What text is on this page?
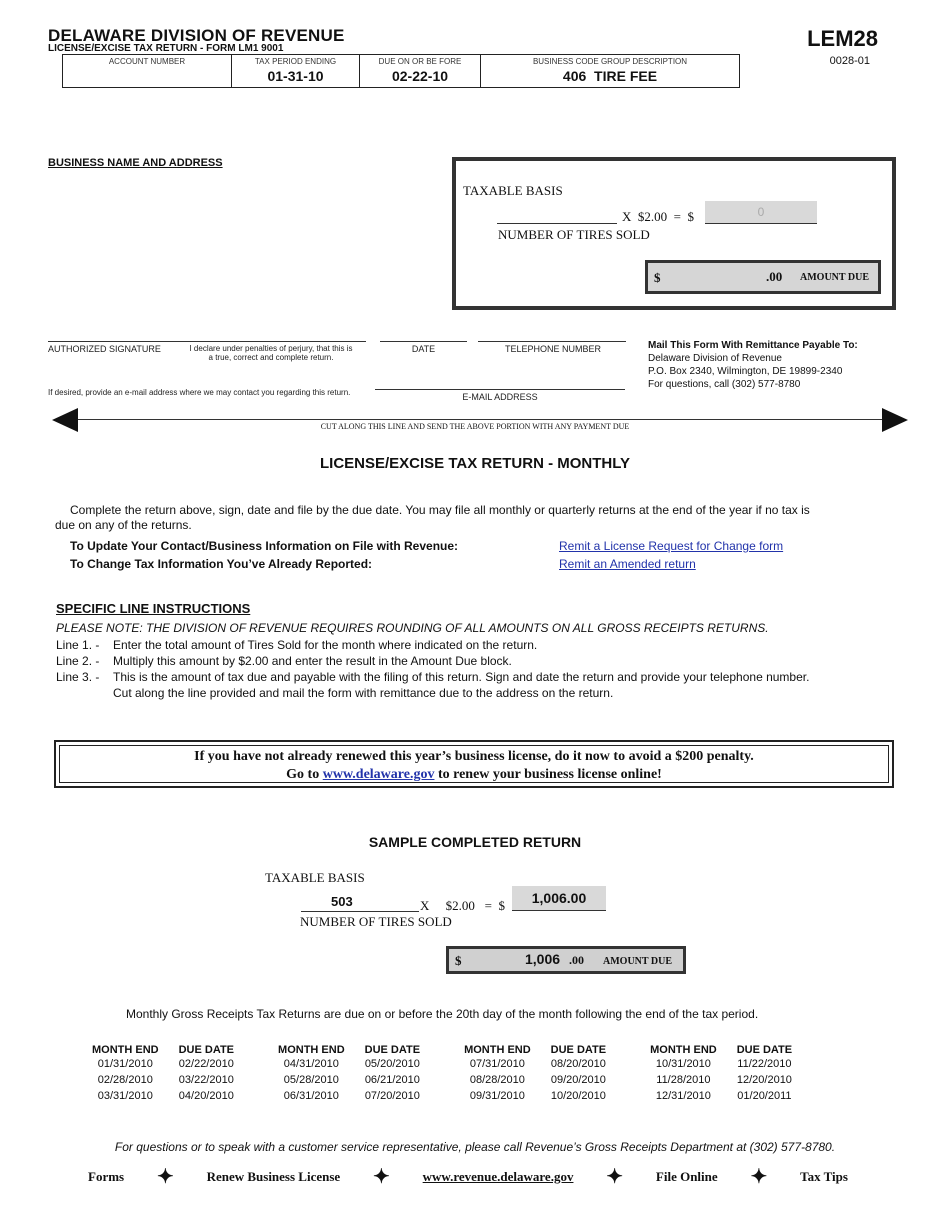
DELAWARE DIVISION OF REVENUE
LICENSE/EXCISE TAX RETURN - FORM LM1 9001	LEM28
0028-01
ACCOUNT NUMBER	TAX PERIOD ENDING
01-31-10
DUE ON OR BE FORE
02-22-10
BUSINESS CODE GROUP DESCRIPTION
406  TIRE FEE
BUSINESS NAME AND ADDRESS
TAXABLE BASIS
X  $2.00  =  $	0
NUMBER OF TIRES SOLD
$	.00 AMOUNT DUE
AUTHORIZED SIGNATURE	I declare under penalties of perjury, that this is
a true, correct and complete return.
DATE	TELEPHONE NUMBER
If desired, provide an e-mail address where we may contact you regarding this return.	E-MAIL ADDRESS
Mail This Form With Remittance Payable To:
Delaware Division of Revenue
P.O. Box 2340, Wilmington, DE 19899-2340
For questions, call (302) 577-8780
CUT ALONG THIS LINE AND SEND THE ABOVE PORTION WITH ANY PAYMENT DUE
LICENSE/EXCISE TAX RETURN - MONTHLY
Complete the return above, sign, date and file by the due date. You may file all monthly or quarterly returns at the end of the year if no tax is
due on any of the returns.
To Update Your Contact/Business Information on File with Revenue:	Remit a License Request for Change form
To Change Tax Information You’ve Already Reported:	Remit an Amended return
SPECIFIC LINE INSTRUCTIONS
PLEASE NOTE: THE DIVISION OF REVENUE REQUIRES ROUNDING OF ALL AMOUNTS ON ALL GROSS RECEIPTS RETURNS.
Line 1. - Enter the total amount of Tires Sold for the month where indicated on the return.
Line 2. - Multiply this amount by $2.00 and enter the result in the Amount Due block.
Line 3. - This is the amount of tax due and payable with the filing of this return. Sign and date the return and provide your telephone number.
Cut along the line provided and mail the form with remittance due to the address on the return.
If you have not already renewed this year’s business license, do it now to avoid a $200 penalty.
Go to www.delaware.gov to renew your business license online!
SAMPLE COMPLETED RETURN
TAXABLE BASIS
503	X     $2.00   =  $	1,006.00
NUMBER OF TIRES SOLD
$	1,006 .00 AMOUNT DUE
Monthly Gross Receipts Tax Returns are due on or before the 20th day of the month following the end of the tax period.
MONTH END	DUE DATE	MONTH END	DUE DATE	MONTH END	DUE DATE	MONTH END	DUE DATE
01/31/2010	02/22/2010	04/31/2010	05/20/2010	07/31/2010	08/20/2010	10/31/2010	11/22/2010
02/28/2010	03/22/2010	05/28/2010	06/21/2010	08/28/2010	09/20/2010	11/28/2010	12/20/2010
03/31/2010	04/20/2010	06/31/2010	07/20/2010	09/31/2010	10/20/2010	12/31/2010	01/20/2011
For questions or to speak with a customer service representative, please call Revenue’s Gross Receipts Department at (302) 577-8780.
Forms ✦	Renew Business License ✦	www.revenue.delaware.gov ✦	File Online ✦	Tax Tips
